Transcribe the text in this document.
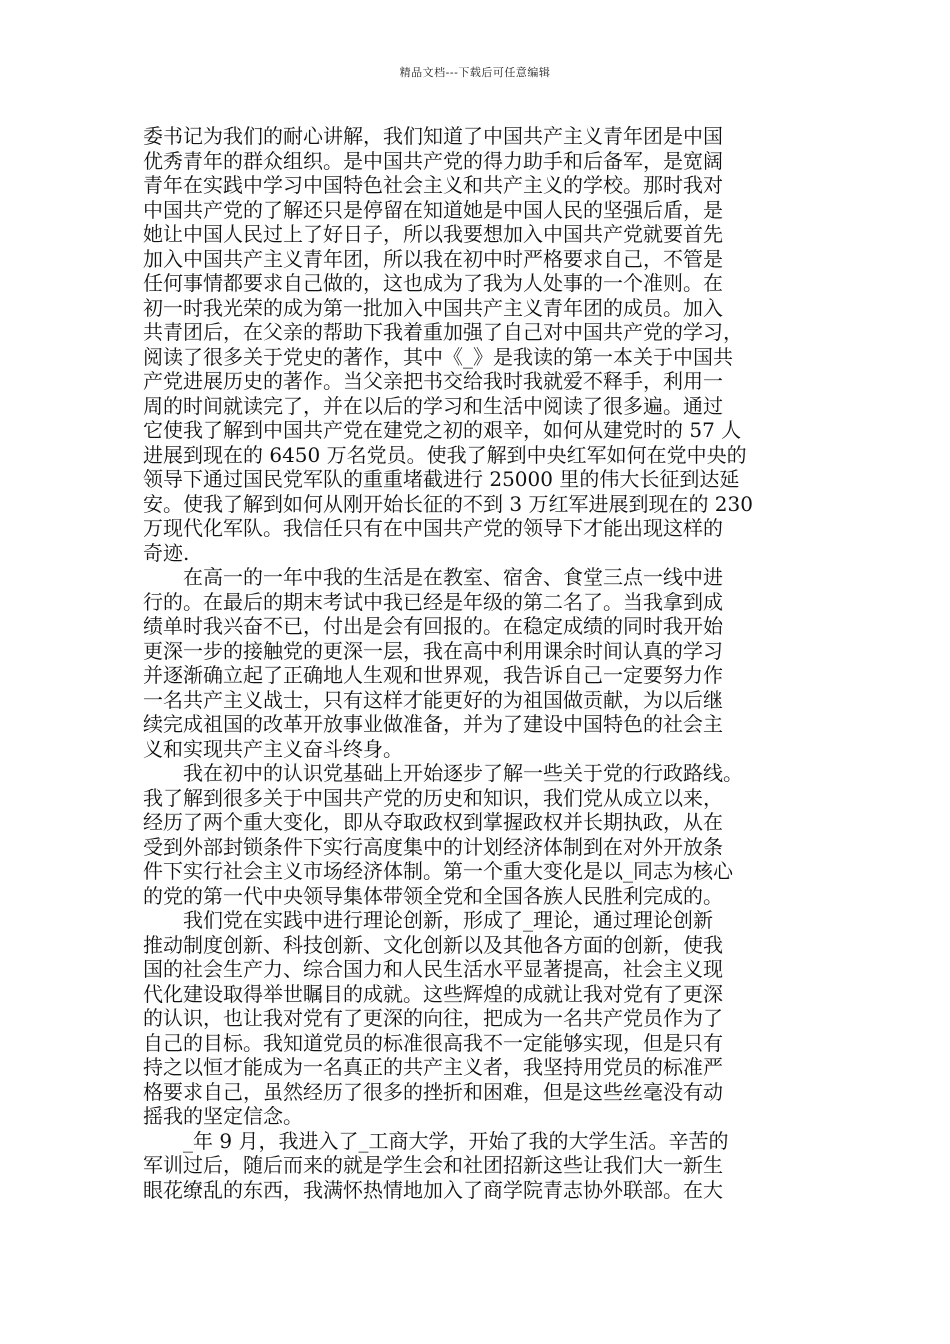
精品文档---下载后可任意编辑
委书记为我们的耐心讲解，我们知道了中国共产主义青年团是中国
优秀青年的群众组织。是中国共产党的得力助手和后备军，是宽阔
青年在实践中学习中国特色社会主义和共产主义的学校。那时我对
中国共产党的了解还只是停留在知道她是中国人民的坚强后盾，是
她让中国人民过上了好日子，所以我要想加入中国共产党就要首先
加入中国共产主义青年团，所以我在初中时严格要求自己，不管是
任何事情都要求自己做的，这也成为了我为人处事的一个准则。在
初一时我光荣的成为第一批加入中国共产主义青年团的成员。加入
共青团后，在父亲的帮助下我着重加强了自己对中国共产党的学习，
阅读了很多关于党史的著作，其中《_》是我读的第一本关于中国共
产党进展历史的著作。当父亲把书交给我时我就爱不释手，利用一
周的时间就读完了，并在以后的学习和生活中阅读了很多遍。通过
它使我了解到中国共产党在建党之初的艰辛，如何从建党时的 57 人
进展到现在的 6450 万名党员。使我了解到中央红军如何在党中央的
领导下通过国民党军队的重重堵截进行 25000 里的伟大长征到达延
安。使我了解到如何从刚开始长征的不到 3 万红军进展到现在的 230
万现代化军队。我信任只有在中国共产党的领导下才能出现这样的
奇迹.
　　在高一的一年中我的生活是在教室、宿舍、食堂三点一线中进
行的。在最后的期末考试中我已经是年级的第二名了。当我拿到成
绩单时我兴奋不已，付出是会有回报的。在稳定成绩的同时我开始
更深一步的接触党的更深一层，我在高中利用课余时间认真的学习
并逐渐确立起了正确地人生观和世界观，我告诉自己一定要努力作
一名共产主义战士，只有这样才能更好的为祖国做贡献，为以后继
续完成祖国的改革开放事业做准备，并为了建设中国特色的社会主
义和实现共产主义奋斗终身。
　　我在初中的认识党基础上开始逐步了解一些关于党的行政路线。
我了解到很多关于中国共产党的历史和知识，我们党从成立以来，
经历了两个重大变化，即从夺取政权到掌握政权并长期执政，从在
受到外部封锁条件下实行高度集中的计划经济体制到在对外开放条
件下实行社会主义市场经济体制。第一个重大变化是以_同志为核心
的党的第一代中央领导集体带领全党和全国各族人民胜利完成的。
　　我们党在实践中进行理论创新，形成了_理论，通过理论创新
推动制度创新、科技创新、文化创新以及其他各方面的创新，使我
国的社会生产力、综合国力和人民生活水平显著提高，社会主义现
代化建设取得举世瞩目的成就。这些辉煌的成就让我对党有了更深
的认识，也让我对党有了更深的向往，把成为一名共产党员作为了
自己的目标。我知道党员的标准很高我不一定能够实现，但是只有
持之以恒才能成为一名真正的共产主义者，我坚持用党员的标准严
格要求自己，虽然经历了很多的挫折和困难，但是这些丝毫没有动
摇我的坚定信念。
　　_年 9 月，我进入了_工商大学，开始了我的大学生活。辛苦的
军训过后，随后而来的就是学生会和社团招新这些让我们大一新生
眼花缭乱的东西，我满怀热情地加入了商学院青志协外联部。在大
